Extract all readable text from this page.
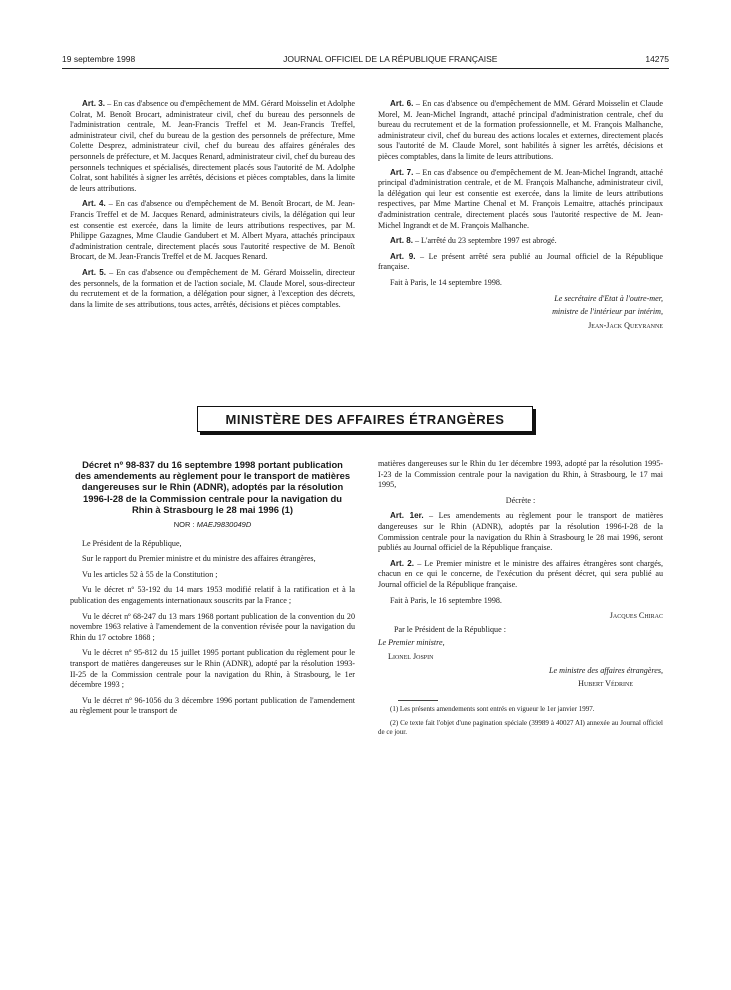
19 septembre 1998	JOURNAL OFFICIEL DE LA RÉPUBLIQUE FRANÇAISE	14275

Art. 3. – En cas d'absence ou d'empêchement de MM. Gérard Moisselin et Adolphe Colrat, M. Benoît Brocart, administrateur civil, chef du bureau des personnels de l'administration centrale, M. Jean-Francis Treffel et M. Jean-Francis Treffel, administrateur civil, chef du bureau de la gestion des personnels de préfecture, Mme Colette Desprez, administrateur civil, chef du bureau des affaires générales des personnels de préfecture, et M. Jacques Renard, administrateur civil, chef du bureau des personnels techniques et spécialisés, directement placés sous l'autorité de M. Adolphe Colrat, sont habilités à signer les arrêtés, décisions et pièces comptables, dans la limite de leurs attributions.

Art. 4. – En cas d'absence ou d'empêchement de M. Benoît Brocart, de M. Jean-Francis Treffel et de M. Jacques Renard, administrateurs civils, la délégation qui leur est consentie est exercée, dans la limite de leurs attributions respectives, par M. Philippe Gazagnes, Mme Claudie Gandubert et M. Albert Myara, attachés principaux d'administration centrale, directement placés sous l'autorité respective de M. Benoît Brocart, de M. Jean-Francis Treffel et de M. Jacques Renard.

Art. 5. – En cas d'absence ou d'empêchement de M. Gérard Moisselin, directeur des personnels, de la formation et de l'action sociale, M. Claude Morel, sous-directeur du recrutement et de la formation, a délégation pour signer, à l'exception des décrets, dans la limite de ses attributions, tous actes, arrêtés, décisions et pièces comptables.

Art. 6. – En cas d'absence ou d'empêchement de MM. Gérard Moisselin et Claude Morel, M. Jean-Michel Ingrandt, attaché principal d'administration centrale, chef du bureau du recrutement et de la formation professionnelle, et M. François Malhanche, administrateur civil, chef du bureau des actions locales et externes, directement placés sous l'autorité de M. Claude Morel, sont habilités à signer les arrêtés, décisions et pièces comptables, dans la limite de leurs attributions.

Art. 7. – En cas d'absence ou d'empêchement de M. Jean-Michel Ingrandt, attaché principal d'administration centrale, et de M. François Malhanche, administrateur civil, la délégation qui leur est consentie est exercée, dans la limite de leurs attributions respectives, par Mme Martine Chenal et M. François Lemaitre, attachés principaux d'administration centrale, directement placés sous l'autorité respective de M. Jean-Michel Ingrandt et de M. François Malhanche.

Art. 8. – L'arrêté du 23 septembre 1997 est abrogé.

Art. 9. – Le présent arrêté sera publié au Journal officiel de la République française.

Fait à Paris, le 14 septembre 1998.

Le secrétaire d'Etat à l'outre-mer,

ministre de l'intérieur par intérim,

Jean-Jack Queyranne

MINISTÈRE DES AFFAIRES ÉTRANGÈRES
Décret nº 98-837 du 16 septembre 1998 portant publication des amendements au règlement pour le transport de matières dangereuses sur le Rhin (ADNR), adoptés par la résolution 1996-I-28 de la Commission centrale pour la navigation du Rhin à Strasbourg le 28 mai 1996 (1)
NOR : MAEJ9830049D

Le Président de la République,

Sur le rapport du Premier ministre et du ministre des affaires étrangères,

Vu les articles 52 à 55 de la Constitution ;

Vu le décret nº 53-192 du 14 mars 1953 modifié relatif à la ratification et à la publication des engagements internationaux souscrits par la France ;

Vu le décret nº 68-247 du 13 mars 1968 portant publication de la convention du 20 novembre 1963 relative à l'amendement de la convention révisée pour la navigation du Rhin du 17 octobre 1868 ;

Vu le décret nº 95-812 du 15 juillet 1995 portant publication du règlement pour le transport de matières dangereuses sur le Rhin (ADNR), adopté par la résolution 1993-II-25 de la Commission centrale pour la navigation du Rhin, à Strasbourg, le 1er décembre 1993 ;

Vu le décret nº 96-1056 du 3 décembre 1996 portant publication de l'amendement au règlement pour le transport de

matières dangereuses sur le Rhin du 1er décembre 1993, adopté par la résolution 1995-I-23 de la Commission centrale pour la navigation du Rhin, à Strasbourg, le 17 mai 1995,

Décrète :

Art. 1er. – Les amendements au règlement pour le transport de matières dangereuses sur le Rhin (ADNR), adoptés par la résolution 1996-I-28 de la Commission centrale pour la navigation du Rhin à Strasbourg le 28 mai 1996, seront publiés au Journal officiel de la République française.

Art. 2. – Le Premier ministre et le ministre des affaires étrangères sont chargés, chacun en ce qui le concerne, de l'exécution du présent décret, qui sera publié au Journal officiel de la République française.

Fait à Paris, le 16 septembre 1998.

Jacques Chirac

Par le Président de la République :

Le Premier ministre,

Lionel Jospin

Le ministre des affaires étrangères,

Hubert Védrine

(1) Les présents amendements sont entrés en vigueur le 1er janvier 1997.

(2) Ce texte fait l'objet d'une pagination spéciale (39989 à 40027 AI) annexée au Journal officiel de ce jour.
